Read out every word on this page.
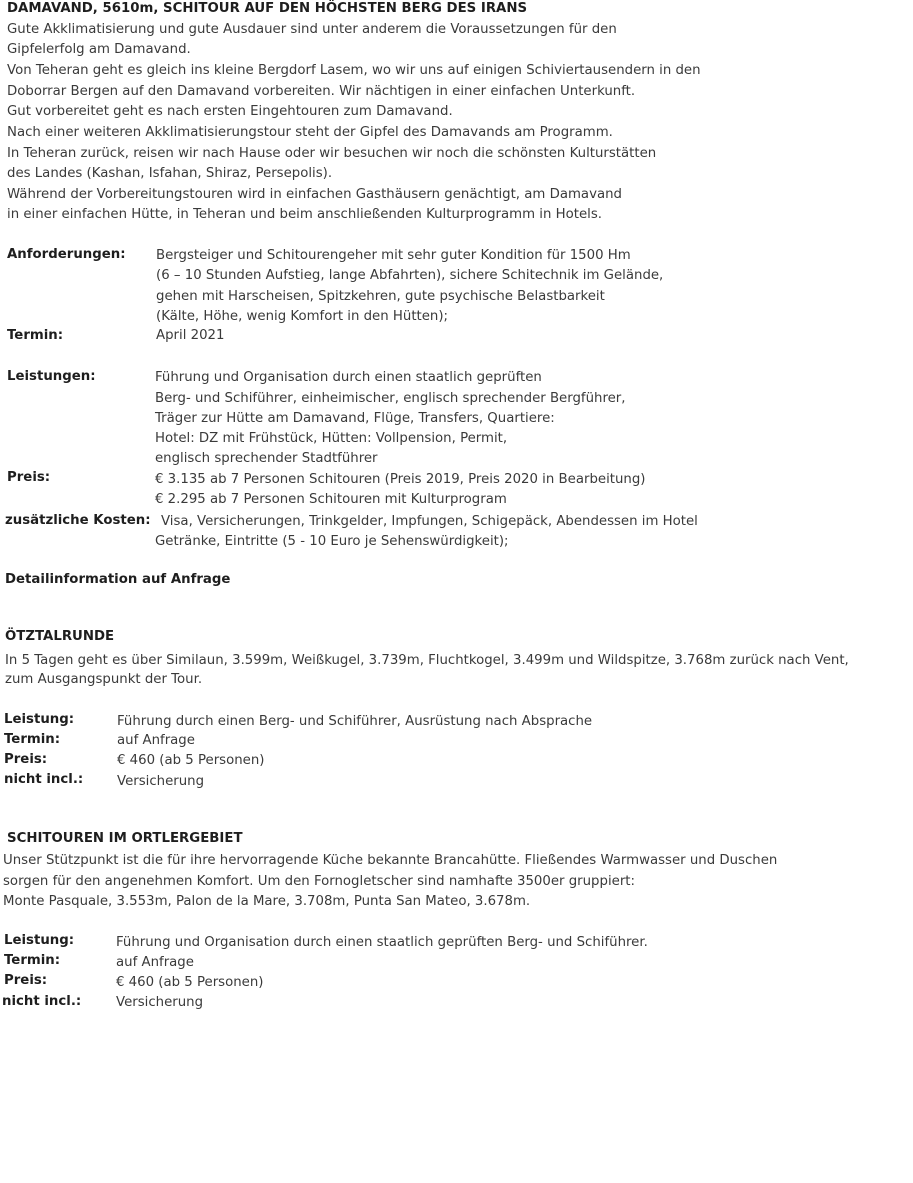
DAMAVAND, 5610m, SCHITOUR AUF DEN HÖCHSTEN BERG DES IRANS
Gute Akklimatisierung und gute Ausdauer sind unter anderem die Voraussetzungen für den
Gipfelerfolg am Damavand.
Von Teheran geht es gleich ins kleine Bergdorf Lasem, wo wir uns auf einigen Schiviertausendern in den
Doborrar Bergen auf den Damavand vorbereiten. Wir nächtigen in einer einfachen Unterkunft.
Gut vorbereitet geht es nach ersten Eingehtouren zum Damavand.
Nach einer weiteren Akklimatisierungstour steht der Gipfel des Damavands am Programm.
In Teheran zurück, reisen wir nach Hause oder wir besuchen wir noch die schönsten Kulturstätten
des Landes (Kashan, Isfahan, Shiraz, Persepolis).
Während der Vorbereitungstouren wird in einfachen Gasthäusern genächtigt, am Damavand
in einer einfachen Hütte, in Teheran und beim anschließenden Kulturprogramm in Hotels.
Anforderungen: Bergsteiger und Schitourengeher mit sehr guter Kondition für 1500 Hm
(6 – 10 Stunden Aufstieg, lange Abfahrten), sichere Schitechnik im Gelände,
gehen mit Harscheisen, Spitzkehren, gute psychische Belastbarkeit
(Kälte, Höhe, wenig Komfort in den Hütten);
Termin:	April 2021
Leistungen:	Führung und Organisation durch einen staatlich geprüften
Berg- und Schiführer, einheimischer, englisch sprechender Bergführer,
Träger zur Hütte am Damavand, Flüge, Transfers, Quartiere:
Hotel: DZ mit Frühstück, Hütten: Vollpension, Permit,
englisch sprechender Stadtführer
Preis:	€ 3.135 ab 7 Personen Schitouren (Preis 2019, Preis 2020 in Bearbeitung)
€ 2.295 ab 7 Personen Schitouren mit Kulturprogram
zusätzliche Kosten: Visa, Versicherungen, Trinkgelder, Impfungen, Schigepäck, Abendessen im Hotel
Getränke, Eintritte (5 - 10 Euro je Sehenswürdigkeit);
Detailinformation auf Anfrage
ÖTZTALRUNDE
In 5 Tagen geht es über Similaun, 3.599m, Weißkugel, 3.739m, Fluchtkogel, 3.499m und Wildspitze, 3.768m zurück nach Vent,
zum Ausgangspunkt der Tour.
Leistung:	Führung durch einen Berg- und Schiführer, Ausrüstung nach Absprache
Termin:	auf Anfrage
Preis:	€ 460 (ab 5 Personen)
nicht incl.:	Versicherung
SCHITOUREN IM ORTLERGEBIET
Unser Stützpunkt ist die für ihre hervorragende Küche bekannte Brancahütte. Fließendes Warmwasser und Duschen
sorgen für den angenehmen Komfort. Um den Fornogletscher sind namhafte 3500er gruppiert:
Monte Pasquale, 3.553m, Palon de la Mare, 3.708m, Punta San Mateo, 3.678m.
Leistung:	Führung und Organisation durch einen staatlich geprüften Berg- und Schiführer.
Termin:	auf Anfrage
Preis:	€ 460 (ab 5 Personen)
nicht incl.:	Versicherung
